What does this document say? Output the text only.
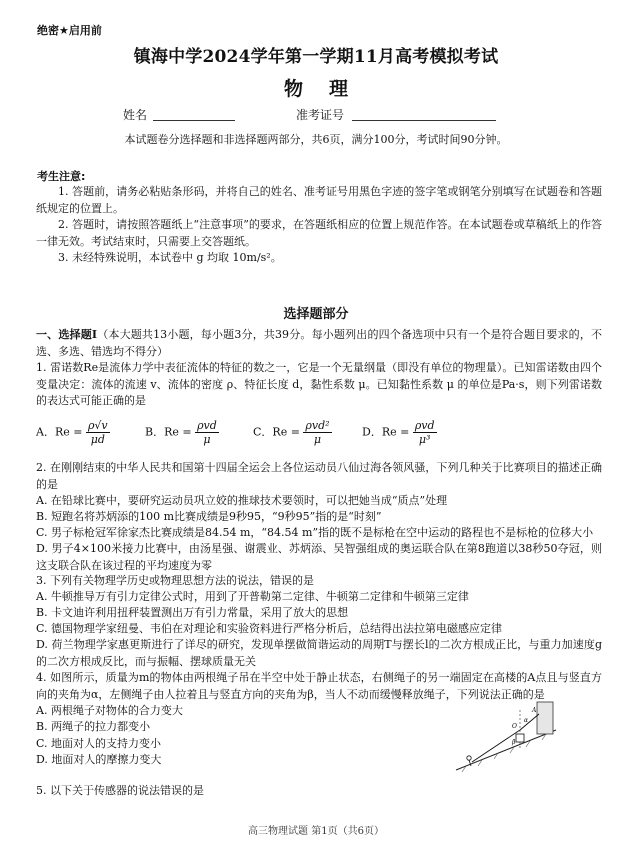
绝密★启用前
镇海中学2024学年第一学期11月高考模拟考试
物理
姓名	准考证号
本试题卷分选择题和非选择题两部分，共6页，满分100分，考试时间90分钟。
考生注意:
1. 答题前，请务必粘贴条形码，并将自己的姓名、准考证号用黑色字迹的签字笔或钢笔分别填写在试题卷和答题纸规定的位置上。
2. 答题时，请按照答题纸上“注意事项”的要求，在答题纸相应的位置上规范作答。在本试题卷或草稿纸上的作答一律无效。考试结束时，只需要上交答题纸。
3. 未经特殊说明，本试卷中 g 均取 10m/s²。
选择题部分
一、选择题Ⅰ（本大题共13小题，每小题3分，共39分。每小题列出的四个备选项中只有一个是符合题目要求的，不选、多选、错选均不得分）
1. 雷诺数Re是流体力学中表征流体的特征的数之一，它是一个无量纲量（即没有单位的物理量）。已知雷诺数由四个变量决定：流体的流速 v、流体的密度 ρ、特征长度 d，黏性系数 μ。已知黏性系数 μ 的单位是Pa·s，则下列雷诺数的表达式可能正确的是
A．$Re = \frac{\rho√v}{\mu d}$	B．$Re = \frac{\text{ρvd}}{\mu}$	C．$Re = \frac{\text{ρvd²}}{\mu}$	D．$Re = \frac{\text{ρvd}}{\text{μ³}}$
2. 在刚刚结束的中华人民共和国第十四届全运会上各位运动员八仙过海各领风骚，下列几种关于比赛项目的描述正确的是
A. 在铅球比赛中，要研究运动员巩立姣的推球技术要领时，可以把她当成“质点”处理
B. 短跑名将苏炳添的100 m比赛成绩是9秒95，“9秒95”指的是“时刻”
C. 男子标枪冠军徐家杰比赛成绩是84.54 m，“84.54 m”指的既不是标枪在空中运动的路程也不是标枪的位移大小
D. 男子4×100米接力比赛中，由汤星强、谢震业、苏炳添、吴智强组成的奥运联合队在第8跑道以38秒50夺冠，则这支联合队在该过程的平均速度为零
3. 下列有关物理学历史或物理思想方法的说法，错误的是
A. 牛顿推导万有引力定律公式时，用到了开普勒第二定律、牛顿第二定律和牛顿第三定律
B. 卡文迪许利用扭秤装置测出万有引力常量，采用了放大的思想
C. 德国物理学家纽曼、韦伯在对理论和实验资料进行严格分析后，总结得出法拉第电磁感应定律
D. 荷兰物理学家惠更斯进行了详尽的研究，发现单摆做简谐运动的周期T与摆长l的二次方根成正比，与重力加速度g的二次方根成反比，而与振幅、摆球质量无关
4. 如图所示，质量为m的物体由两根绳子吊在半空中处于静止状态，右侧绳子的另一端固定在高楼的A点且与竖直方向的夹角为α，左侧绳子由人拉着且与竖直方向的夹角为β，当人不动而缓慢释放绳子，下列说法正确的是
A. 两根绳子对物体的合力变大
B. 两绳子的拉力都变小
C. 地面对人的支持力变小
D. 地面对人的摩擦力变大
A
O
α
β
5. 以下关于传感器的说法错误的是
高三物理试题 第1页（共6页）
